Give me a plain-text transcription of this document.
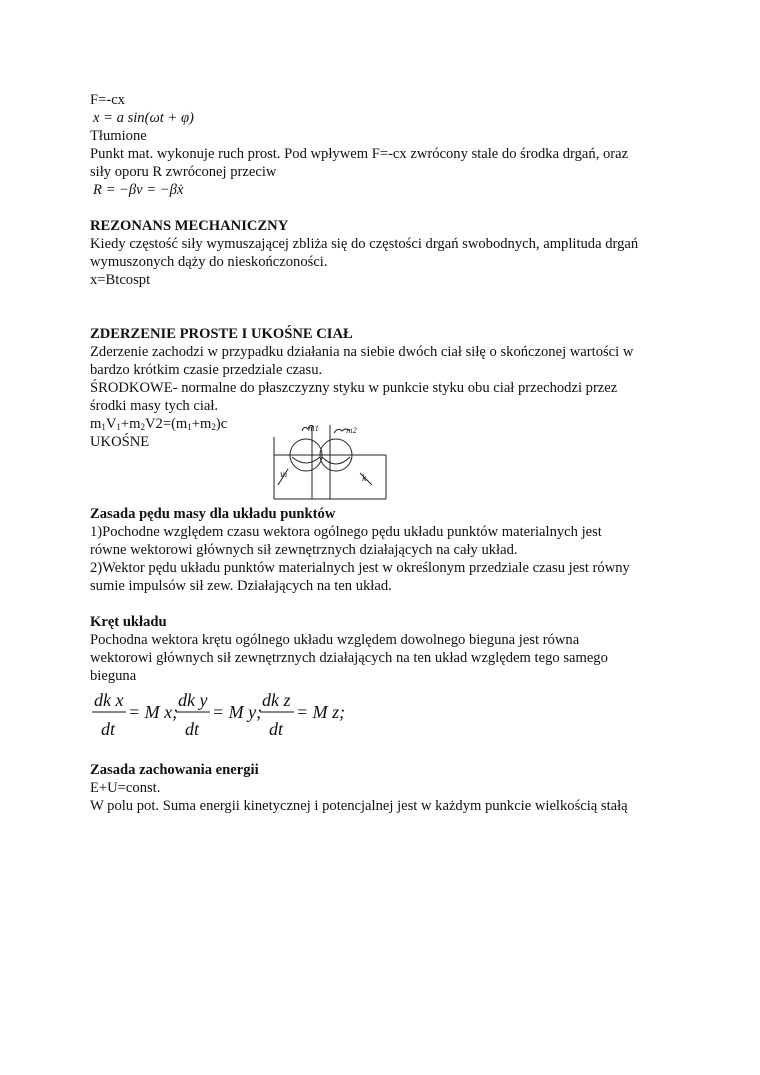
F=-cx
x = a sin(ωt + φ)
Tłumione
Punkt mat. wykonuje ruch prost. Pod wpływem F=-cx zwrócony stale do środka drgań, oraz
siły oporu R zwróconej przeciw
R = −βv = −βẋ
REZONANS MECHANICZNY
Kiedy częstość siły wymuszającej zbliża się do częstości drgań swobodnych, amplituda drgań
wymuszonych dąży do nieskończoności.
x=Btcospt
ZDERZENIE PROSTE I UKOŚNE CIAŁ
Zderzenie zachodzi w przypadku działania na siebie dwóch ciał siłę o skończonej wartości w
bardzo krótkim czasie przedziale czasu.
ŚRODKOWE- normalne do płaszczyzny styku w punkcie styku obu ciał przechodzi przez
środki masy tych ciał.
$m_1V_1+m_2V2=(m_1+m_2)c$
UKOŚNE
v₁	k
m1	m2
Zasada pędu masy dla układu punktów
1)Pochodne względem czasu wektora ogólnego pędu układu punktów materialnych jest
równe wektorowi głównych sił zewnętrznych działających na cały układ.
2)Wektor pędu układu punktów materialnych jest w określonym przedziale czasu jest równy
sumie impulsów sił zew. Działających na ten układ.
Kręt układu
Pochodna wektora krętu ogólnego układu względem dowolnego bieguna jest równa
wektorowi głównych sił zewnętrznych działających na ten układ względem tego samego
bieguna
dk x
dt
= M x;
dk y
dt
= M y;
dk z
dt
= M z;
Zasada zachowania energii
E+U=const.
W polu pot. Suma energii kinetycznej i potencjalnej jest w każdym punkcie wielkością stałą
